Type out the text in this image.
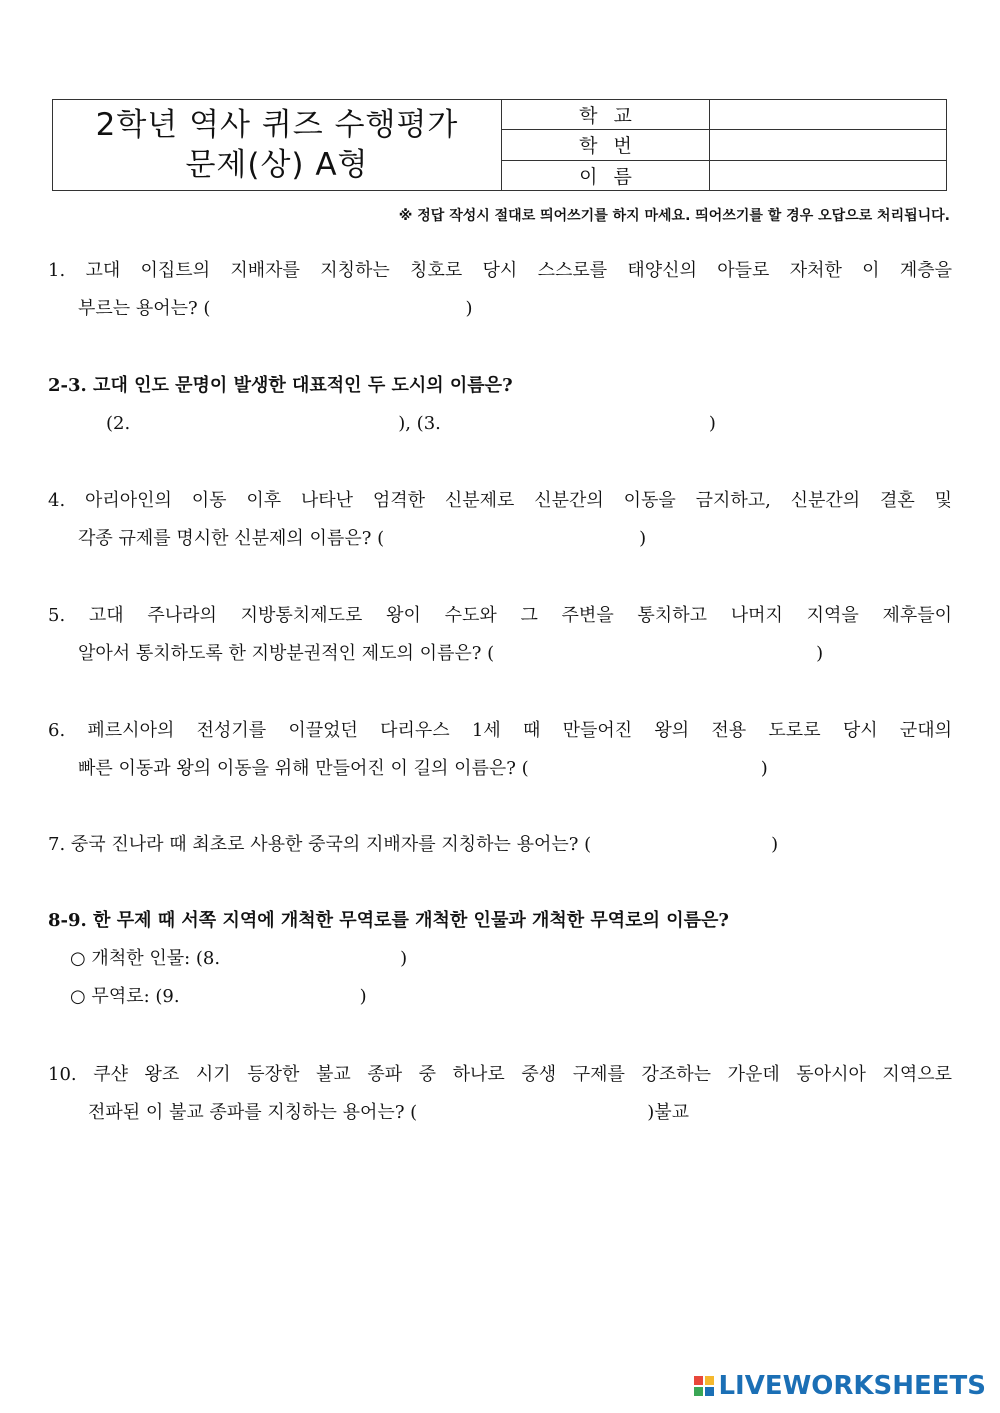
2학년 역사 퀴즈 수행평가
문제(상) A형
학교
학번
이름
※ 정답 작성시 절대로 띄어쓰기를 하지 마세요. 띄어쓰기를 할 경우 오답으로 처리됩니다.
1. 고대 이집트의 지배자를 지칭하는 칭호로 당시 스스로를 태양신의 아들로 자처한 이 계층을
부르는 용어는? (	)
2-3. 고대 인도 문명이 발생한 대표적인 두 도시의 이름은?
(2.	), (3.	)
4. 아리아인의 이동 이후 나타난 엄격한 신분제로 신분간의 이동을 금지하고, 신분간의 결혼 및
각종 규제를 명시한 신분제의 이름은? (	)
5. 고대 주나라의 지방통치제도로 왕이 수도와 그 주변을 통치하고 나머지 지역을 제후들이
알아서 통치하도록 한 지방분권적인 제도의 이름은? (	)
6. 페르시아의 전성기를 이끌었던 다리우스 1세 때 만들어진 왕의 전용 도로로 당시 군대의
빠른 이동과 왕의 이동을 위해 만들어진 이 길의 이름은? (	)
7. 중국 진나라 때 최초로 사용한 중국의 지배자를 지칭하는 용어는? (	)
8-9. 한 무제 때 서쪽 지역에 개척한 무역로를 개척한 인물과 개척한 무역로의 이름은?
○ 개척한 인물: (8.	)
○ 무역로: (9.	)
10. 쿠샨 왕조 시기 등장한 불교 종파 중 하나로 중생 구제를 강조하는 가운데 동아시아 지역으로
전파된 이 불교 종파를 지칭하는 용어는? (	)불교
LIVEWORKSHEETS
